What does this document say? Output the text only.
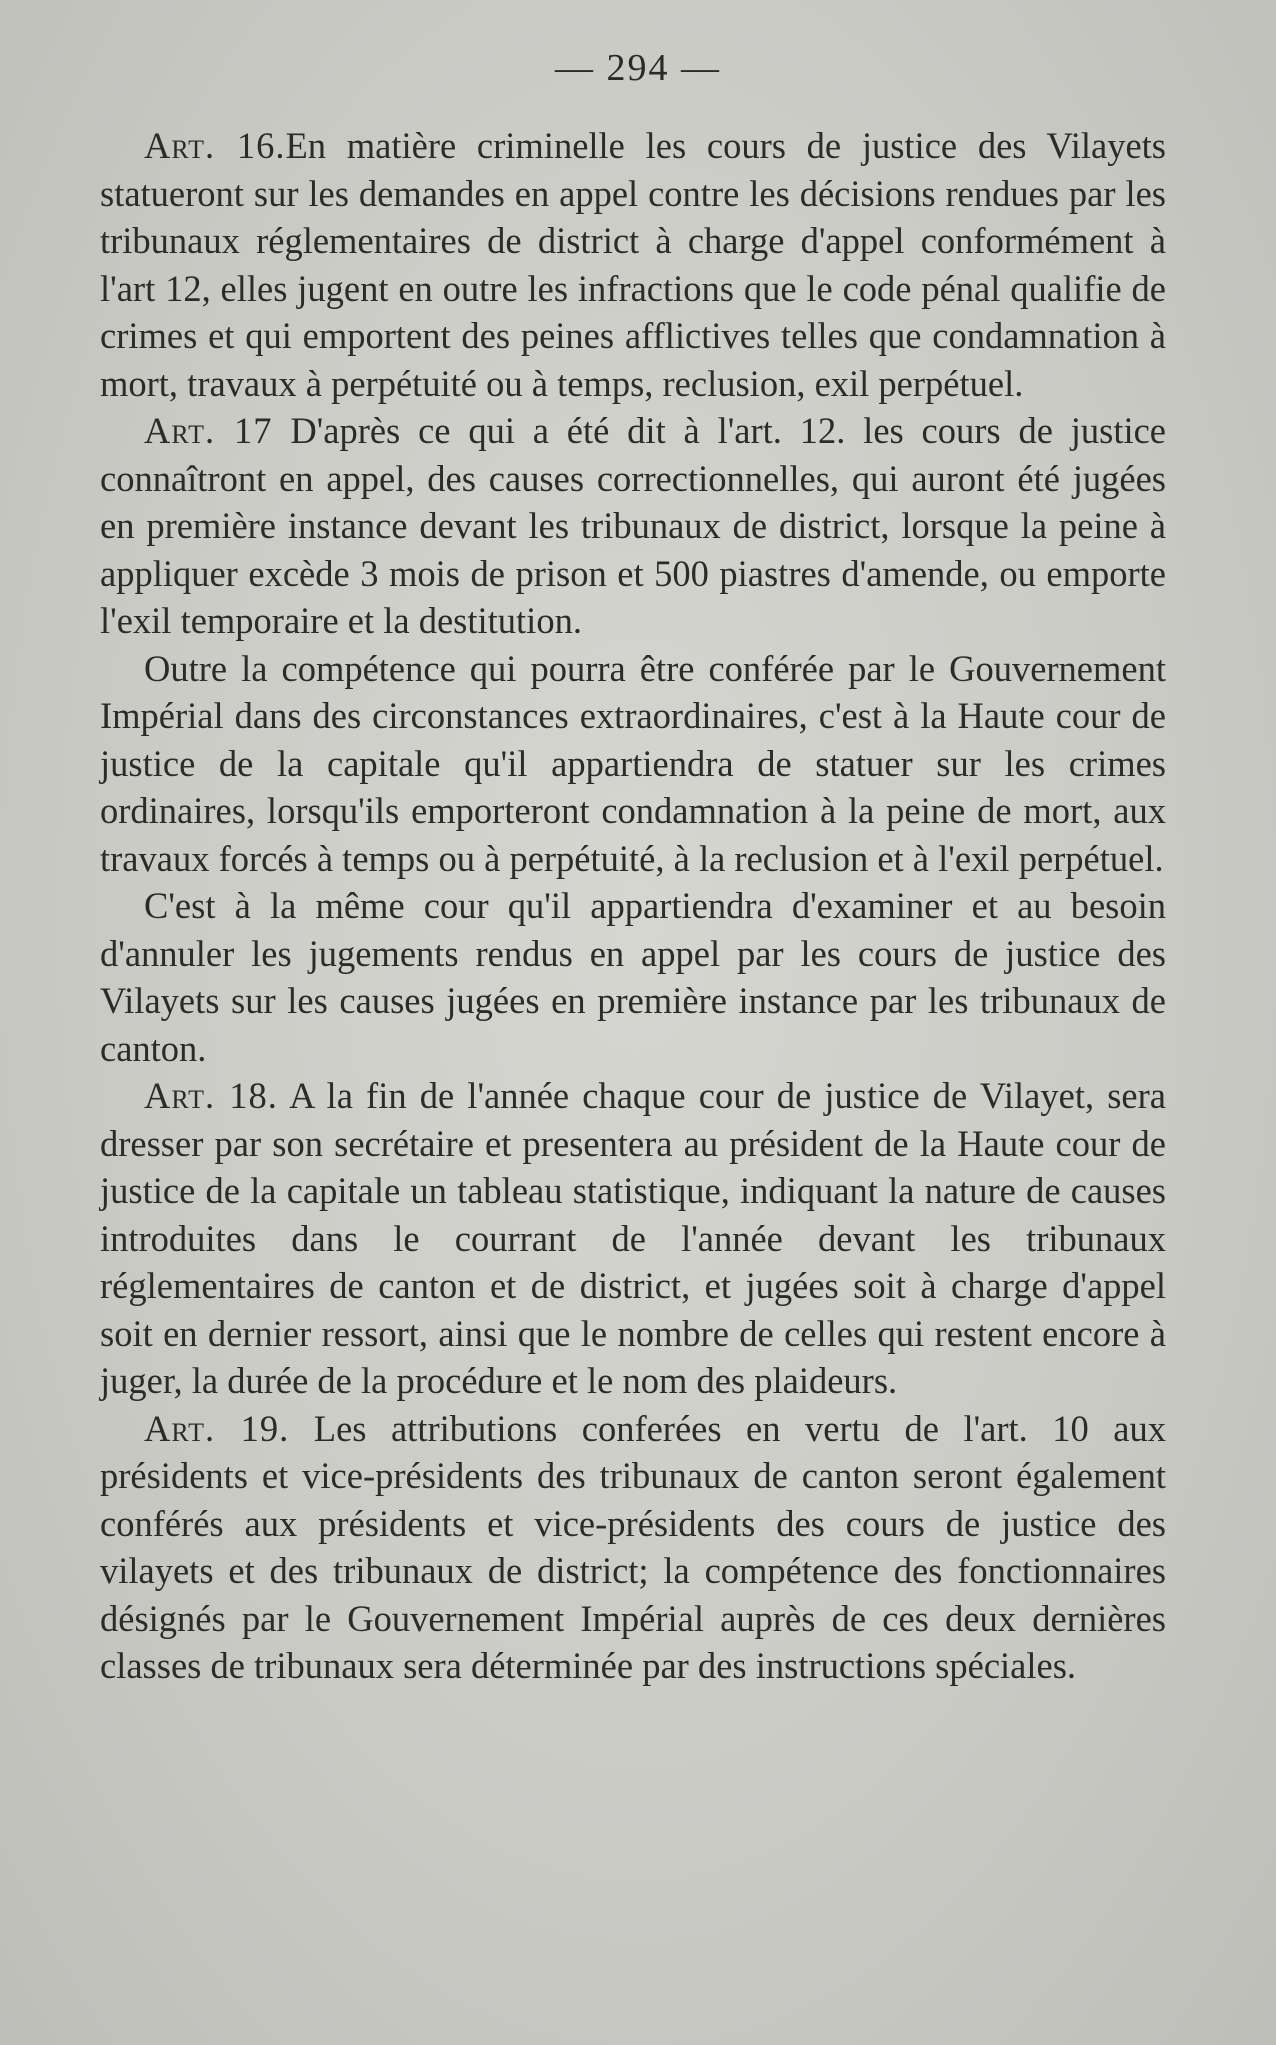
— 294 —

Art. 16.En matière criminelle les cours de justice des Vilayets statueront sur les demandes en appel contre les décisions rendues par les tribunaux réglementaires de district à charge d'appel conformément à l'art 12, elles jugent en outre les infractions que le code pénal qualifie de crimes et qui emportent des peines afflictives telles que condamnation à mort, travaux à perpétuité ou à temps, reclusion, exil perpétuel.

Art. 17 D'après ce qui a été dit à l'art. 12. les cours de justice connaîtront en appel, des causes correctionnelles, qui auront été jugées en première instance devant les tribunaux de district, lorsque la peine à appliquer excède 3 mois de prison et 500 piastres d'amende, ou emporte l'exil temporaire et la destitution.

Outre la compétence qui pourra être conférée par le Gouvernement Impérial dans des circonstances extraordinaires, c'est à la Haute cour de justice de la capitale qu'il appartiendra de statuer sur les crimes ordinaires, lorsqu'ils emporteront condamnation à la peine de mort, aux travaux forcés à temps ou à perpétuité, à la reclusion et à l'exil perpétuel.

C'est à la même cour qu'il appartiendra d'examiner et au besoin d'annuler les jugements rendus en appel par les cours de justice des Vilayets sur les causes jugées en première instance par les tribunaux de canton.

Art. 18. A la fin de l'année chaque cour de justice de Vilayet, sera dresser par son secrétaire et presentera au président de la Haute cour de justice de la capitale un tableau statistique, indiquant la nature de causes introduites dans le courrant de l'année devant les tribunaux réglementaires de canton et de district, et jugées soit à charge d'appel soit en dernier ressort, ainsi que le nombre de celles qui restent encore à juger, la durée de la procédure et le nom des plaideurs.

Art. 19. Les attributions conferées en vertu de l'art. 10 aux présidents et vice-présidents des tribunaux de canton seront également conférés aux présidents et vice-présidents des cours de justice des vilayets et des tribunaux de district; la compétence des fonctionnaires désignés par le Gouvernement Impérial auprès de ces deux dernières classes de tribunaux sera déterminée par des instructions spéciales.
